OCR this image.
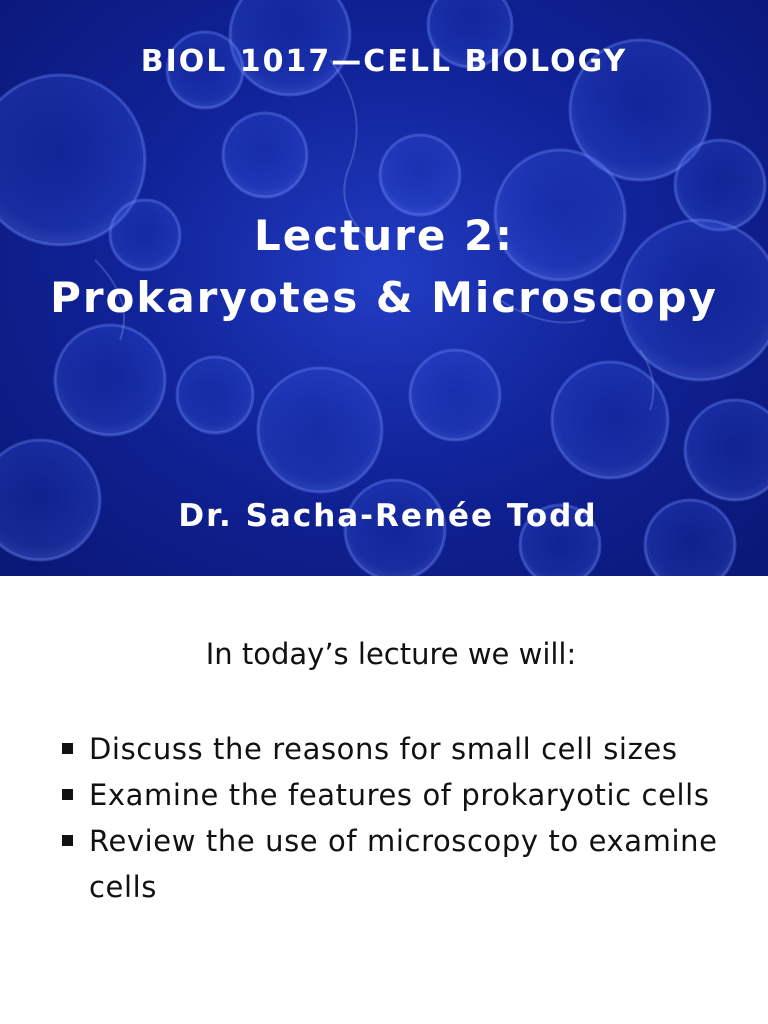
BIOL 1017—CELL BIOLOGY
Lecture 2:
Prokaryotes & Microscopy

Dr. Sacha-Renée Todd

In today’s lecture we will:

Discuss the reasons for small cell sizes
Examine the features of prokaryotic cells
Review the use of microscopy to examine cells
